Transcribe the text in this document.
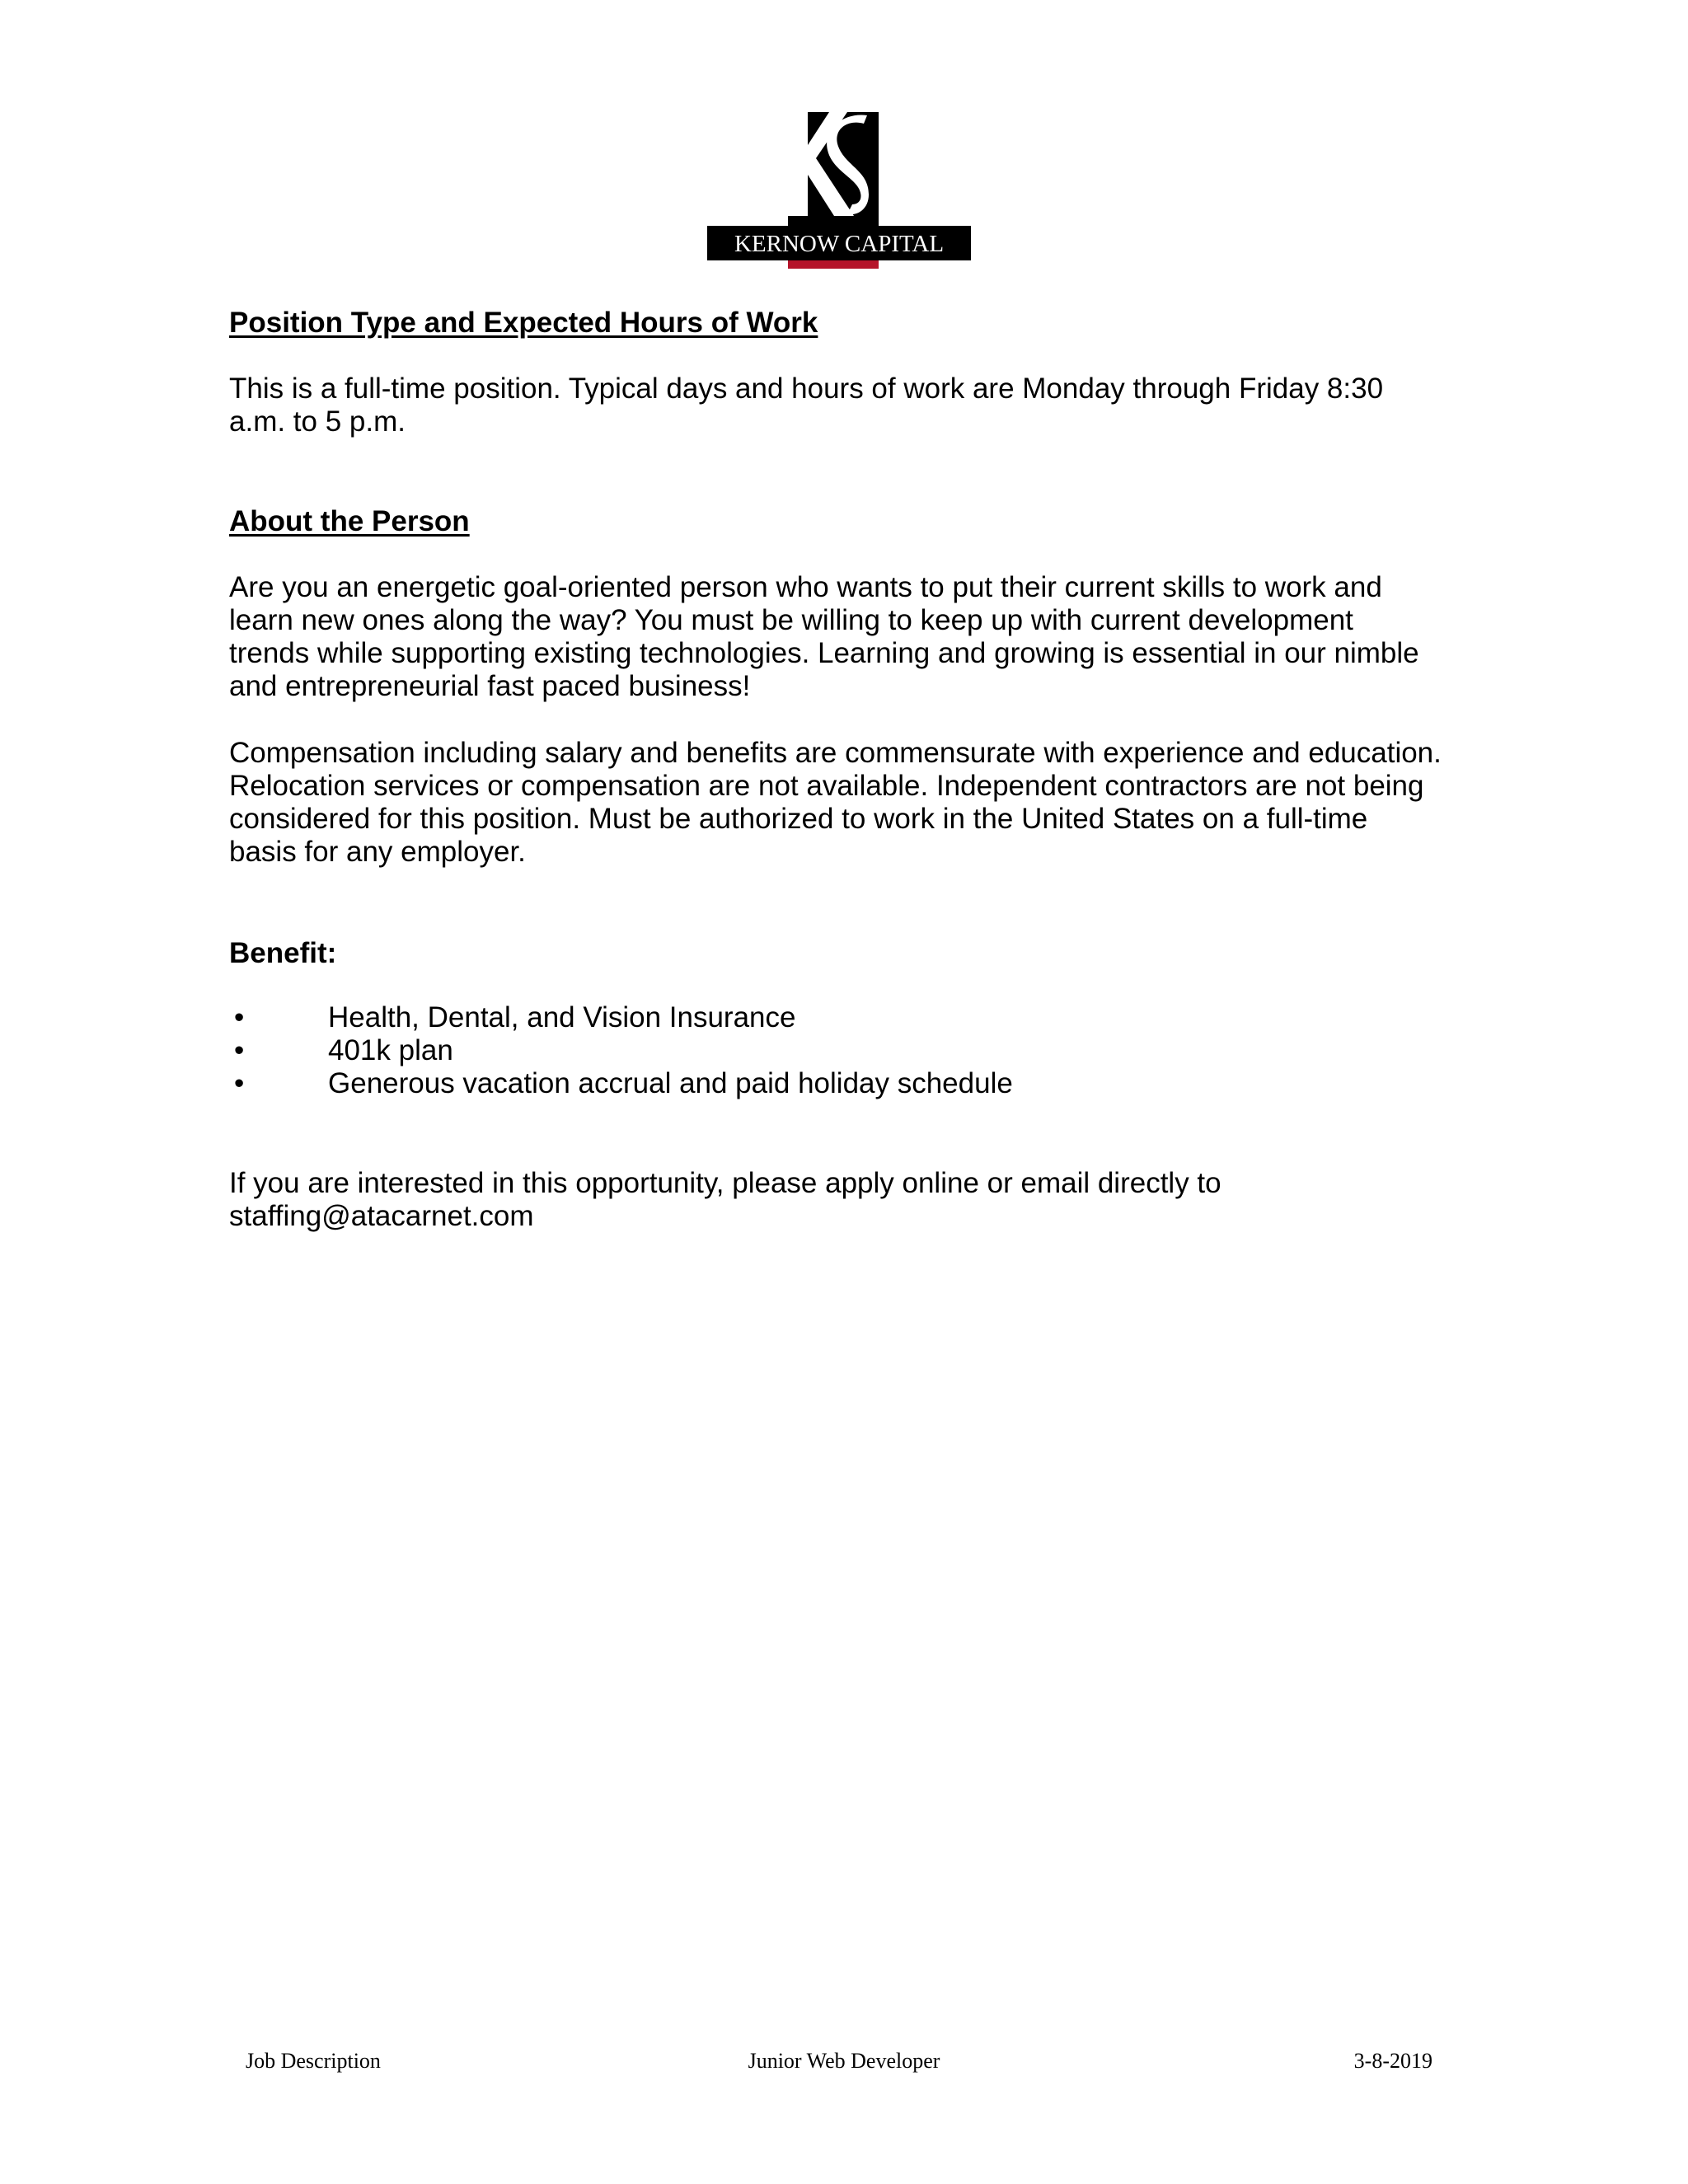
KERNOW CAPITAL
Position Type and Expected Hours of Work
This is a full-time position. Typical days and hours of work are Monday through Friday 8:30
a.m. to 5 p.m.
About the Person
Are you an energetic goal-oriented person who wants to put their current skills to work and
learn new ones along the way? You must be willing to keep up with current development
trends while supporting existing technologies. Learning and growing is essential in our nimble
and entrepreneurial fast paced business!
Compensation including salary and benefits are commensurate with experience and education.
Relocation services or compensation are not available. Independent contractors are not being
considered for this position. Must be authorized to work in the United States on a full-time
basis for any employer.
Benefit:
•	Health, Dental, and Vision Insurance
•	401k plan
•	Generous vacation accrual and paid holiday schedule
If you are interested in this opportunity, please apply online or email directly to
staffing@atacarnet.com
Job Description	Junior Web Developer	3-8-2019
